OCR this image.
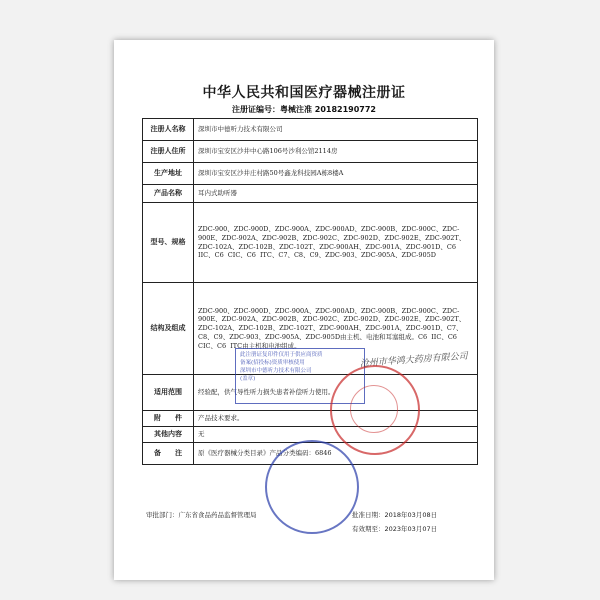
中华人民共和国医疗器械注册证
注册证编号：粤械注准 20182190772
注册人名称	深圳市中德听力技术有限公司
注册人住所	深圳市宝安区沙井中心路106号沙利公馆2114房
生产地址	深圳市宝安区沙井庄村路50号鑫龙科技园A栋8楼A
产品名称	耳内式助听器
型号、规格	ZDC-900、ZDC-900D、ZDC-900A、ZDC-900AD、ZDC-900B、ZDC-900C、ZDC-900E、ZDC-902A、ZDC-902B、ZDC-902C、ZDC-902D、ZDC-902E、ZDC-902T、ZDC-102A、ZDC-102B、ZDC-102T、ZDC-900AH、ZDC-901A、ZDC-901D、C6 IIC、C6 CIC、C6 ITC、C7、C8、C9、ZDC-903、ZDC-905A、ZDC-905D
结构及组成	ZDC-900、ZDC-900D、ZDC-900A、ZDC-900AD、ZDC-900B、ZDC-900C、ZDC-900E、ZDC-902A、ZDC-902B、ZDC-902C、ZDC-902D、ZDC-902E、ZDC-902T、ZDC-102A、ZDC-102B、ZDC-102T、ZDC-900AH、ZDC-901A、ZDC-901D、C7、C8、C9、ZDC-903、ZDC-905A、ZDC-905D由主机、电池和耳塞组成。C6 IIC、C6 CIC、C6 ITC由主机和电池组成。
适用范围	经验配，供气导性听力损失患者补偿听力使用。
附　　件	产品技术要求。
其他内容	无
备　　注	原《医疗器械分类目录》产品分类编码：6846
审批部门：广东省食品药品监督管理局	批准日期：2018年03月08日
有效期至：2023年03月07日
此注册证复印件仅用于供应商资质
备案(招投标)资质审核使用
深圳市中德听力技术有限公司
(盖章)
沧州市华鸿大药房有限公司
